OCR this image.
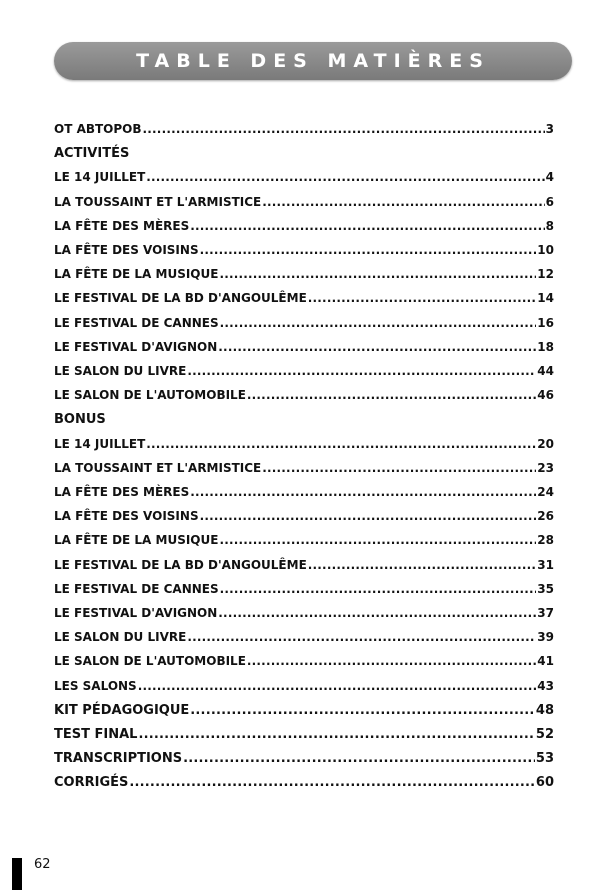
TABLE DES MATIÈRES
OT ABTOPOB .....	3
ACTIVITÉS
LE 14 JUILLET .....	4
LA TOUSSAINT ET L'ARMISTICE .....	6
LA FÊTE DES MÈRES .....	8
LA FÊTE DES VOISINS .....	10
LA FÊTE DE LA MUSIQUE .....	12
LE FESTIVAL DE LA BD D'ANGOULÊME .....	14
LE FESTIVAL DE CANNES .....	16
LE FESTIVAL D'AVIGNON .....	18
LE SALON DU LIVRE .....	44
LE SALON DE L'AUTOMOBILE .....	46
BONUS
LE 14 JUILLET .....	20
LA TOUSSAINT ET L'ARMISTICE .....	23
LA FÊTE DES MÈRES .....	24
LA FÊTE DES VOISINS .....	26
LA FÊTE DE LA MUSIQUE .....	28
LE FESTIVAL DE LA BD D'ANGOULÊME .....	31
LE FESTIVAL DE CANNES .....	35
LE FESTIVAL D'AVIGNON .....	37
LE SALON DU LIVRE .....	39
LE SALON DE L'AUTOMOBILE .....	41
LES SALONS .....	43
KIT PÉDAGOGIQUE .....	48
TEST FINAL .....	52
TRANSCRIPTIONS .....	53
CORRIGÉS .....	60
62
